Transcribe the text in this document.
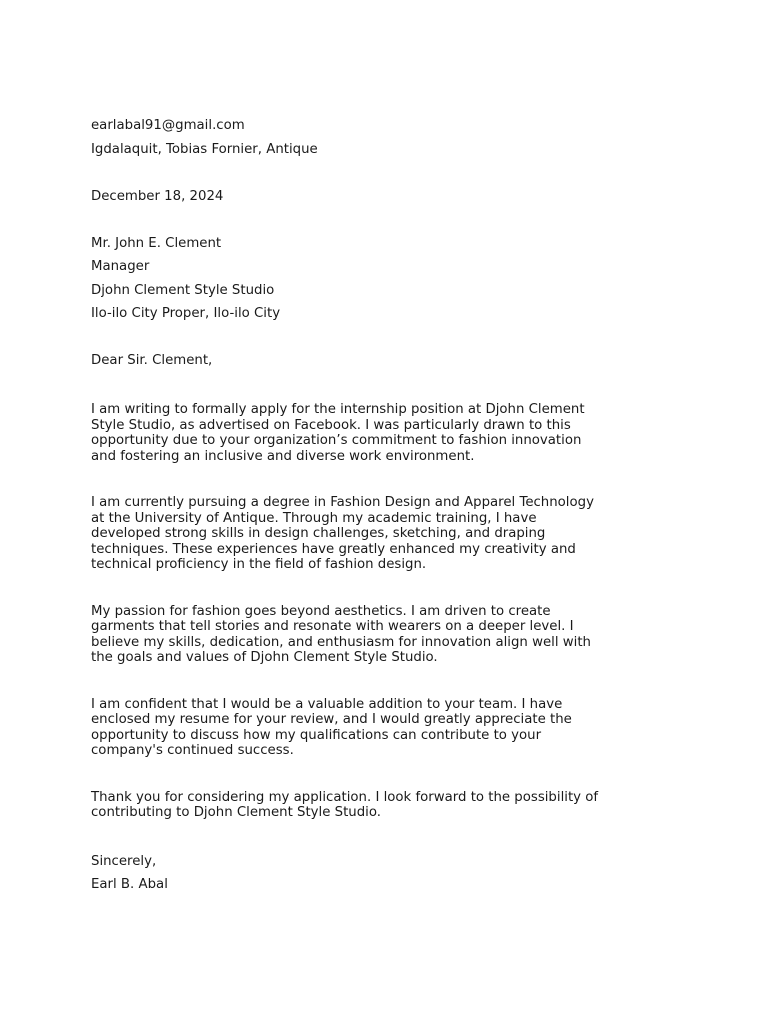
earlabal91@gmail.com

Igdalaquit, Tobias Fornier, Antique

December 18, 2024

Mr. John E. Clement

Manager

Djohn Clement Style Studio

Ilo-ilo City Proper, Ilo-ilo City

Dear Sir. Clement,

I am writing to formally apply for the internship position at Djohn Clement

Style Studio, as advertised on Facebook. I was particularly drawn to this

opportunity due to your organization’s commitment to fashion innovation

and fostering an inclusive and diverse work environment.

I am currently pursuing a degree in Fashion Design and Apparel Technology

at the University of Antique. Through my academic training, I have

developed strong skills in design challenges, sketching, and draping

techniques. These experiences have greatly enhanced my creativity and

technical proficiency in the field of fashion design.

My passion for fashion goes beyond aesthetics. I am driven to create

garments that tell stories and resonate with wearers on a deeper level. I

believe my skills, dedication, and enthusiasm for innovation align well with

the goals and values of Djohn Clement Style Studio.

I am confident that I would be a valuable addition to your team. I have

enclosed my resume for your review, and I would greatly appreciate the

opportunity to discuss how my qualifications can contribute to your

company's continued success.

Thank you for considering my application. I look forward to the possibility of

contributing to Djohn Clement Style Studio.

Sincerely,

Earl B. Abal
